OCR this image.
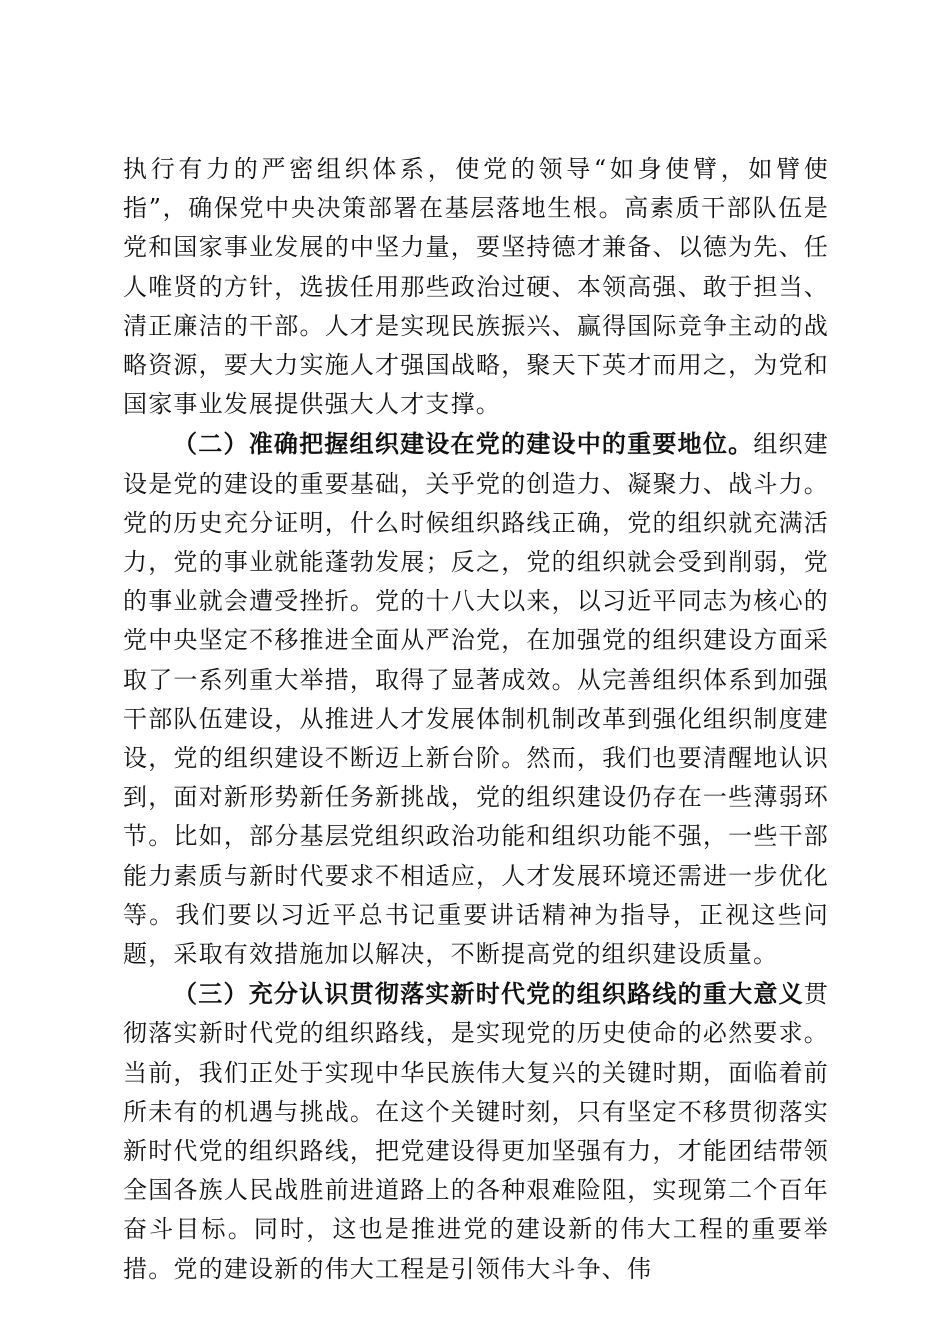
执行有力的严密组织体系，使党的领导“如身使臂，如臂使指”，确保党中央决策部署在基层落地生根。高素质干部队伍是党和国家事业发展的中坚力量，要坚持德才兼备、以德为先、任人唯贤的方针，选拔任用那些政治过硬、本领高强、敢于担当、清正廉洁的干部。人才是实现民族振兴、赢得国际竞争主动的战略资源，要大力实施人才强国战略，聚天下英才而用之，为党和国家事业发展提供强大人才支撑。

（二）准确把握组织建设在党的建设中的重要地位。组织建设是党的建设的重要基础，关乎党的创造力、凝聚力、战斗力。党的历史充分证明，什么时候组织路线正确，党的组织就充满活力，党的事业就能蓬勃发展；反之，党的组织就会受到削弱，党的事业就会遭受挫折。党的十八大以来，以习近平同志为核心的党中央坚定不移推进全面从严治党，在加强党的组织建设方面采取了一系列重大举措，取得了显著成效。从完善组织体系到加强干部队伍建设，从推进人才发展体制机制改革到强化组织制度建设，党的组织建设不断迈上新台阶。然而，我们也要清醒地认识到，面对新形势新任务新挑战，党的组织建设仍存在一些薄弱环节。比如，部分基层党组织政治功能和组织功能不强，一些干部能力素质与新时代要求不相适应，人才发展环境还需进一步优化等。我们要以习近平总书记重要讲话精神为指导，正视这些问题，采取有效措施加以解决，不断提高党的组织建设质量。

（三）充分认识贯彻落实新时代党的组织路线的重大意义贯彻落实新时代党的组织路线，是实现党的历史使命的必然要求。当前，我们正处于实现中华民族伟大复兴的关键时期，面临着前所未有的机遇与挑战。在这个关键时刻，只有坚定不移贯彻落实新时代党的组织路线，把党建设得更加坚强有力，才能团结带领全国各族人民战胜前进道路上的各种艰难险阻，实现第二个百年奋斗目标。同时，这也是推进党的建设新的伟大工程的重要举措。党的建设新的伟大工程是引领伟大斗争、伟
